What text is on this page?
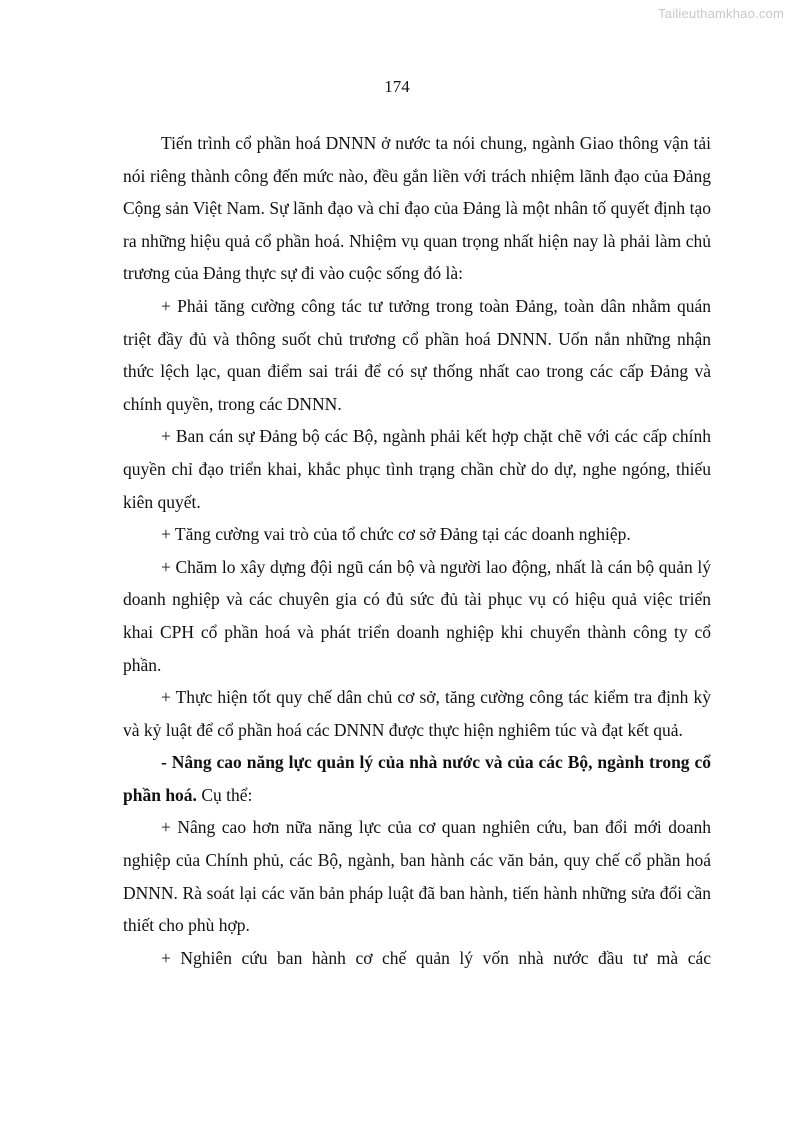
Tailieuthamkhao.com
174

Tiến trình cổ phần hoá DNNN ở nước ta nói chung, ngành Giao thông vận tải nói riêng thành công đến mức nào, đều gắn liền với trách nhiệm lãnh đạo của Đảng Cộng sản Việt Nam. Sự lãnh đạo và chỉ đạo của Đảng là một nhân tố quyết định tạo ra những hiệu quả cổ phần hoá. Nhiệm vụ quan trọng nhất hiện nay là phải làm chủ trương của Đảng thực sự đi vào cuộc sống đó là:

+ Phải tăng cường công tác tư tưởng trong toàn Đảng, toàn dân nhằm quán triệt đầy đủ và thông suốt chủ trương cổ phần hoá DNNN. Uốn nắn những nhận thức lệch lạc, quan điểm sai trái để có sự thống nhất cao trong các cấp Đảng và chính quyền, trong các DNNN.

+ Ban cán sự Đảng bộ các Bộ, ngành phải kết hợp chặt chẽ với các cấp chính quyền chỉ đạo triển khai, khắc phục tình trạng chần chừ do dự, nghe ngóng, thiếu kiên quyết.

+ Tăng cường vai trò của tổ chức cơ sở Đảng tại các doanh nghiệp.

+ Chăm lo xây dựng đội ngũ cán bộ và người lao động, nhất là cán bộ quản lý doanh nghiệp và các chuyên gia có đủ sức đủ tài phục vụ có hiệu quả việc triển khai CPH cổ phần hoá và phát triển doanh nghiệp khi chuyển thành công ty cổ phần.

+ Thực hiện tốt quy chế dân chủ cơ sở, tăng cường công tác kiểm tra định kỳ và kỷ luật để cổ phần hoá các DNNN được thực hiện nghiêm túc và đạt kết quả.

- Nâng cao năng lực quản lý của nhà nước và của các Bộ, ngành trong cổ phần hoá. Cụ thể:

+ Nâng cao hơn nữa năng lực của cơ quan nghiên cứu, ban đổi mới doanh nghiệp của Chính phủ, các Bộ, ngành, ban hành các văn bản, quy chế cổ phần hoá DNNN. Rà soát lại các văn bản pháp luật đã ban hành, tiến hành những sửa đổi cần thiết cho phù hợp.

+ Nghiên cứu ban hành cơ chế quản lý vốn nhà nước đầu tư mà các
